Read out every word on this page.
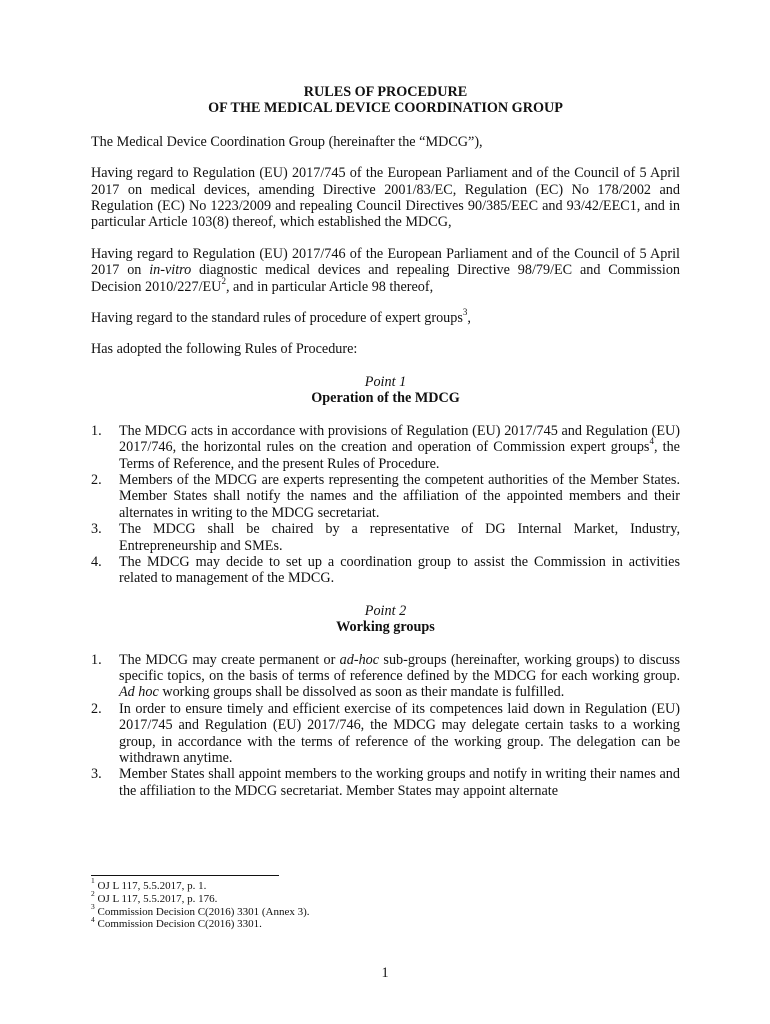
RULES OF PROCEDURE
OF THE MEDICAL DEVICE COORDINATION GROUP
The Medical Device Coordination Group (hereinafter the “MDCG”),
Having regard to Regulation (EU) 2017/745 of the European Parliament and of the Council of 5 April 2017 on medical devices, amending Directive 2001/83/EC, Regulation (EC) No 178/2002 and Regulation (EC) No 1223/2009 and repealing Council Directives 90/385/EEC and 93/42/EEC1, and in particular Article 103(8) thereof, which established the MDCG,
Having regard to Regulation (EU) 2017/746 of the European Parliament and of the Council of 5 April 2017 on in-vitro diagnostic medical devices and repealing Directive 98/79/EC and Commission Decision $2010/227/EU^2$, and in particular Article 98 thereof,
Having regard to the standard rules of procedure of expert groups$^3$,
Has adopted the following Rules of Procedure:
Point 1
Operation of the MDCG
1. The MDCG acts in accordance with provisions of Regulation (EU) 2017/745 and Regulation (EU) 2017/746, the horizontal rules on the creation and operation of Commission expert groups$^4$, the Terms of Reference, and the present Rules of Procedure.
2. Members of the MDCG are experts representing the competent authorities of the Member States. Member States shall notify the names and the affiliation of the appointed members and their alternates in writing to the MDCG secretariat.
3. The MDCG shall be chaired by a representative of DG Internal Market, Industry, Entrepreneurship and SMEs.
4. The MDCG may decide to set up a coordination group to assist the Commission in activities related to management of the MDCG.
Point 2
Working groups
1. The MDCG may create permanent or ad-hoc sub-groups (hereinafter, working groups) to discuss specific topics, on the basis of terms of reference defined by the MDCG for each working group. Ad hoc working groups shall be dissolved as soon as their mandate is fulfilled.
2. In order to ensure timely and efficient exercise of its competences laid down in Regulation (EU) 2017/745 and Regulation (EU) 2017/746, the MDCG may delegate certain tasks to a working group, in accordance with the terms of reference of the working group. The delegation can be withdrawn anytime.
3. Member States shall appoint members to the working groups and notify in writing their names and the affiliation to the MDCG secretariat. Member States may appoint alternate
$^1$ OJ L 117, 5.5.2017, p. 1.
$^2$ OJ L 117, 5.5.2017, p. 176.
$^3$ Commission Decision C(2016) 3301 (Annex 3).
$^4$ Commission Decision C(2016) 3301.
1
